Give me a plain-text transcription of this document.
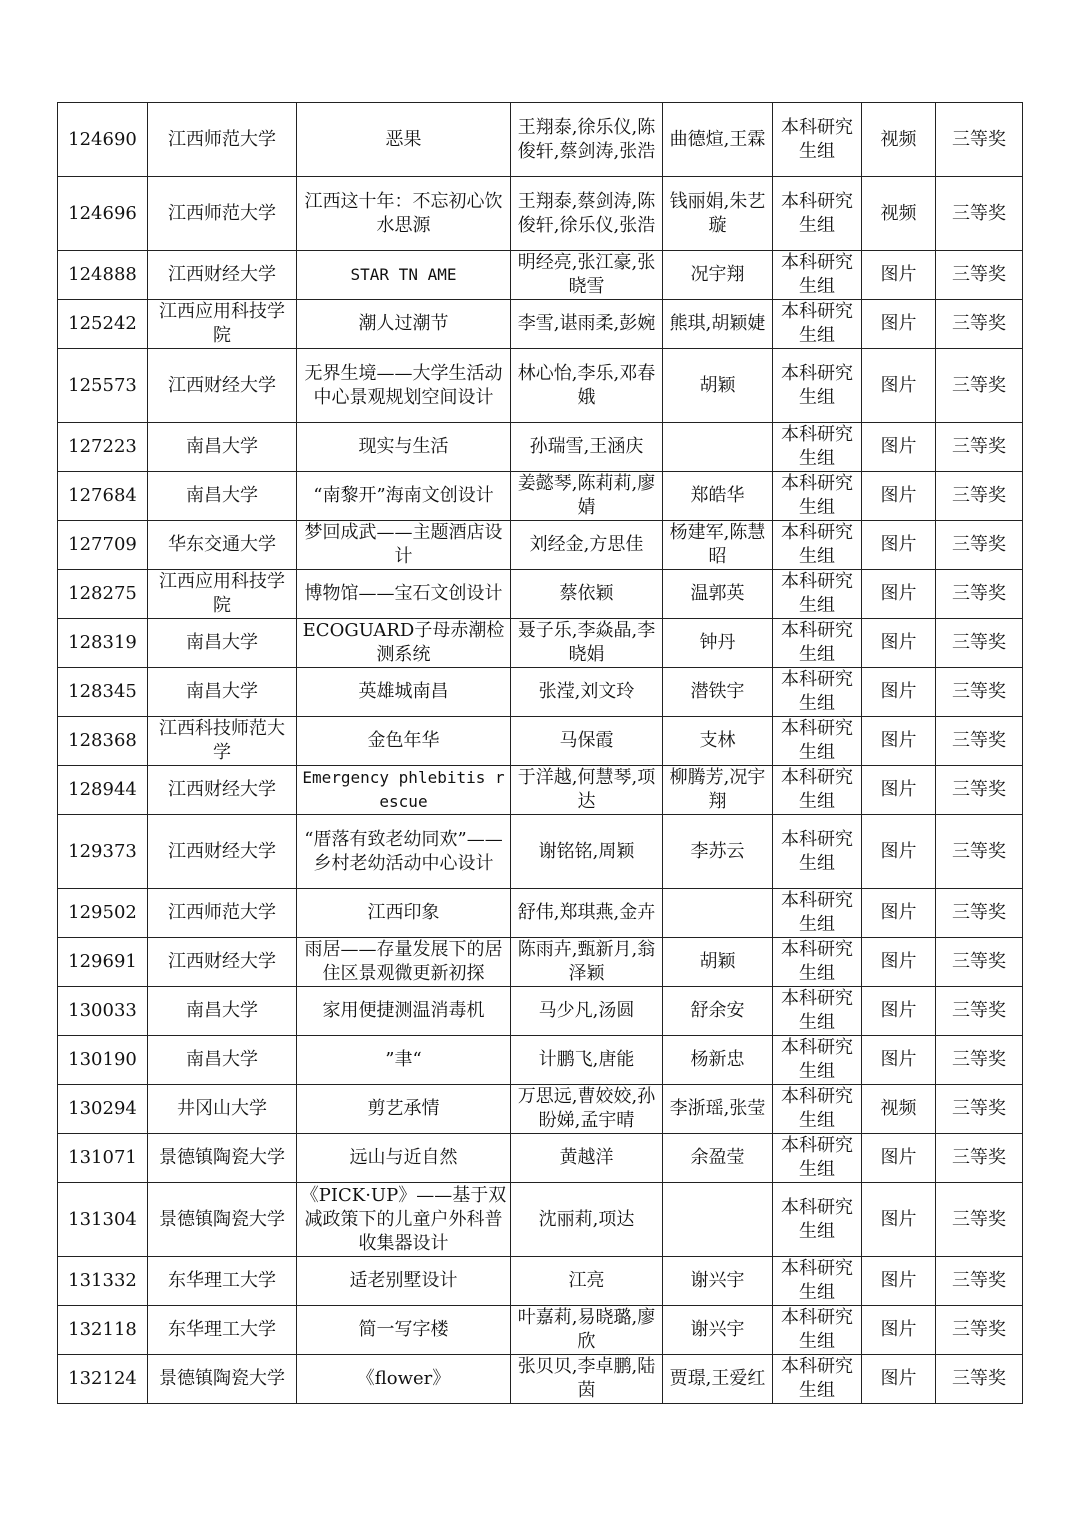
124690	江西师范大学	恶果	王翔泰,徐乐仪,陈俊轩,蔡剑涛,张浩	曲德煊,王霖	本科研究生组	视频	三等奖
124696	江西师范大学	江西这十年：不忘初心饮水思源	王翔泰,蔡剑涛,陈俊轩,徐乐仪,张浩	钱丽娟,朱艺璇	本科研究生组	视频	三等奖
124888	江西财经大学	STAR TN AME	明经亮,张江豪,张晓雪	况宇翔	本科研究生组	图片	三等奖
125242	江西应用科技学院	潮人过潮节	李雪,谌雨柔,彭婉	熊琪,胡颖婕	本科研究生组	图片	三等奖
125573	江西财经大学	无界生境——大学生活动中心景观规划空间设计	林心怡,李乐,邓春娥	胡颖	本科研究生组	图片	三等奖
127223	南昌大学	现实与生活	孙瑞雪,王涵庆		本科研究生组	图片	三等奖
127684	南昌大学	“南黎开”海南文创设计	姜懿琴,陈莉莉,廖婧	郑皓华	本科研究生组	图片	三等奖
127709	华东交通大学	梦回成武——主题酒店设计	刘经金,方思佳	杨建军,陈慧昭	本科研究生组	图片	三等奖
128275	江西应用科技学院	博物馆——宝石文创设计	蔡依颖	温郭英	本科研究生组	图片	三等奖
128319	南昌大学	ECOGUARD子母赤潮检测系统	聂子乐,李焱晶,李晓娟	钟丹	本科研究生组	图片	三等奖
128345	南昌大学	英雄城南昌	张滢,刘文玲	潜铁宇	本科研究生组	图片	三等奖
128368	江西科技师范大学	金色年华	马保霞	支林	本科研究生组	图片	三等奖
128944	江西财经大学	Emergency phlebitis rescue	于洋越,何慧琴,项达	柳腾芳,况宇翔	本科研究生组	图片	三等奖
129373	江西财经大学	“厝落有致老幼同欢”——乡村老幼活动中心设计	谢铭铭,周颖	李苏云	本科研究生组	图片	三等奖
129502	江西师范大学	江西印象	舒伟,郑琪燕,金卉		本科研究生组	图片	三等奖
129691	江西财经大学	雨居——存量发展下的居住区景观微更新初探	陈雨卉,甄新月,翁泽颖	胡颖	本科研究生组	图片	三等奖
130033	南昌大学	家用便捷测温消毒机	马少凡,汤圆	舒余安	本科研究生组	图片	三等奖
130190	南昌大学	”聿“	计鹏飞,唐能	杨新忠	本科研究生组	图片	三等奖
130294	井冈山大学	剪艺承情	万思远,曹姣姣,孙盼娣,孟宇晴	李浙瑶,张莹	本科研究生组	视频	三等奖
131071	景德镇陶瓷大学	远山与近自然	黄越洋	余盈莹	本科研究生组	图片	三等奖
131304	景德镇陶瓷大学	《PICK·UP》——基于双减政策下的儿童户外科普收集器设计	沈丽莉,项达		本科研究生组	图片	三等奖
131332	东华理工大学	适老别墅设计	江亮	谢兴宇	本科研究生组	图片	三等奖
132118	东华理工大学	简一写字楼	叶嘉莉,易晓璐,廖欣	谢兴宇	本科研究生组	图片	三等奖
132124	景德镇陶瓷大学	《flower》	张贝贝,李卓鹏,陆茵	贾璟,王爱红	本科研究生组	图片	三等奖
